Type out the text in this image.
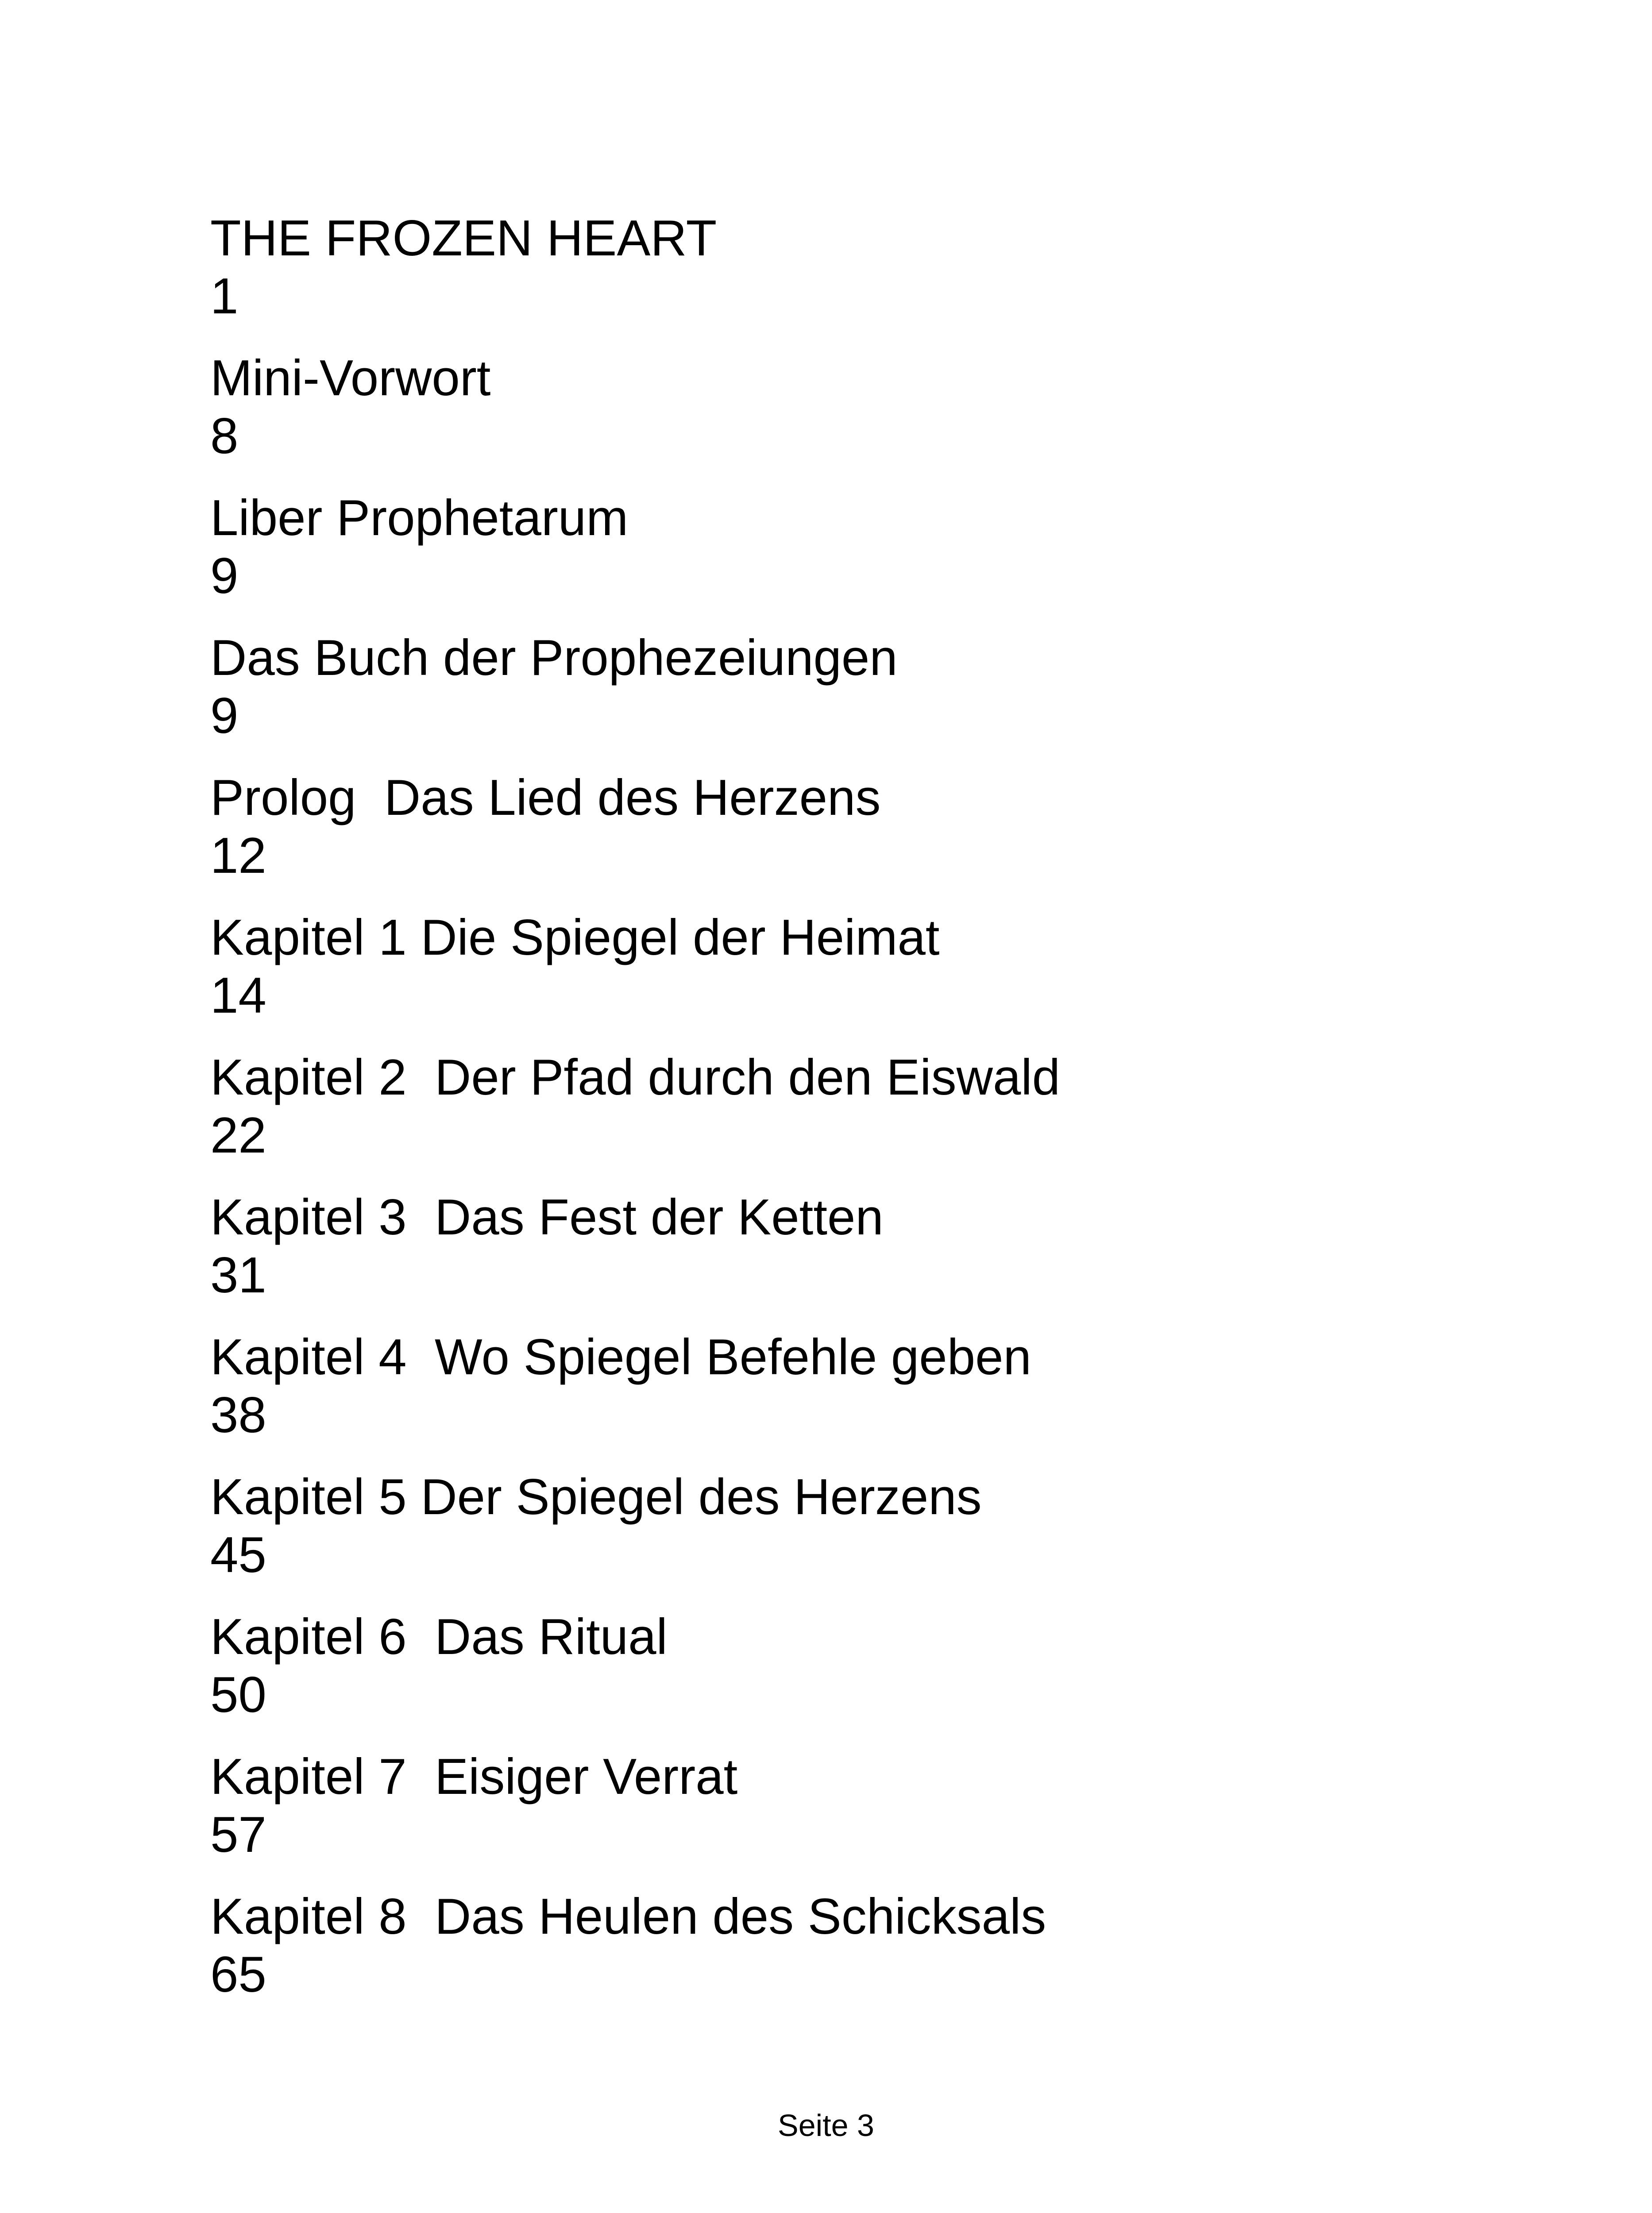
THE FROZEN HEART
1
Mini-Vorwort
8
Liber Prophetarum
9
Das Buch der Prophezeiungen
9
Prolog  Das Lied des Herzens
12
Kapitel 1 Die Spiegel der Heimat
14
Kapitel 2  Der Pfad durch den Eiswald
22
Kapitel 3  Das Fest der Ketten
31
Kapitel 4  Wo Spiegel Befehle geben
38
Kapitel 5 Der Spiegel des Herzens
45
Kapitel 6  Das Ritual
50
Kapitel 7  Eisiger Verrat
57
Kapitel 8  Das Heulen des Schicksals
65
Seite 3
